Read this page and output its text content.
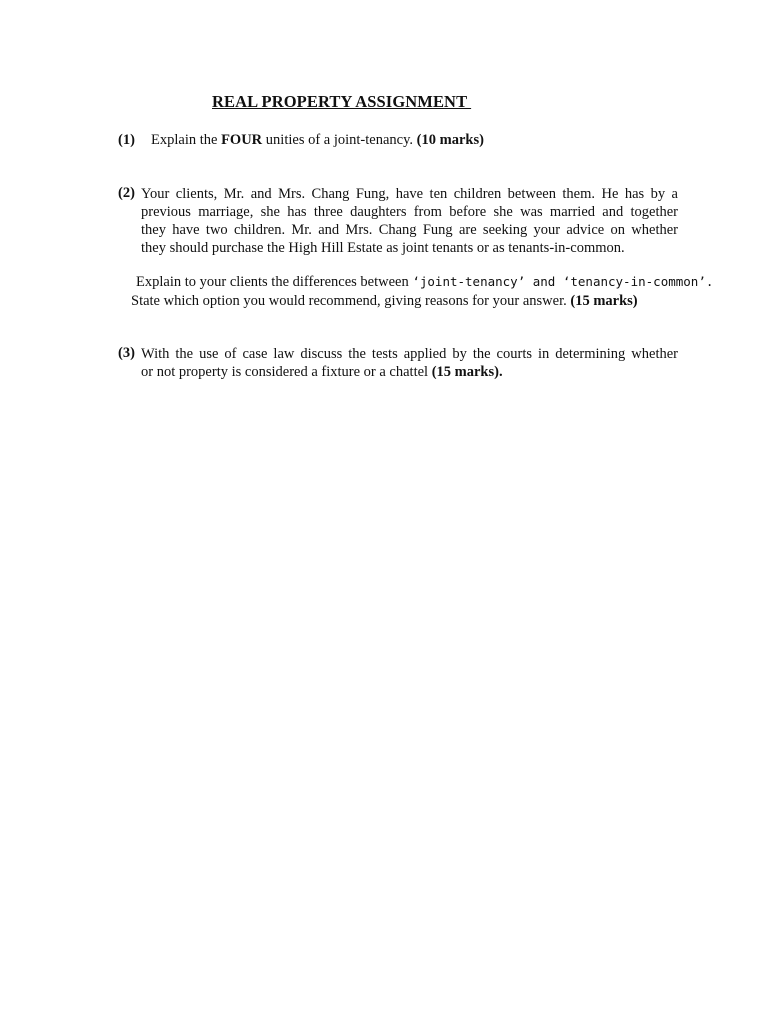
REAL PROPERTY ASSIGNMENT
(1) Explain the FOUR unities of a joint-tenancy. (10 marks)
(2) Your clients, Mr. and Mrs. Chang Fung, have ten children between them. He has by a
previous marriage, she has three daughters from before she was married and together
they have two children. Mr. and Mrs. Chang Fung are seeking your advice on whether
they should purchase the High Hill Estate as joint tenants or as tenants-in-common.
Explain to your clients the differences between ‘joint-tenancy’ and ‘tenancy-in-common’.
State which option you would recommend, giving reasons for your answer. (15 marks)
(3) With the use of case law discuss the tests applied by the courts in determining whether
or not property is considered a fixture or a chattel (15 marks).
